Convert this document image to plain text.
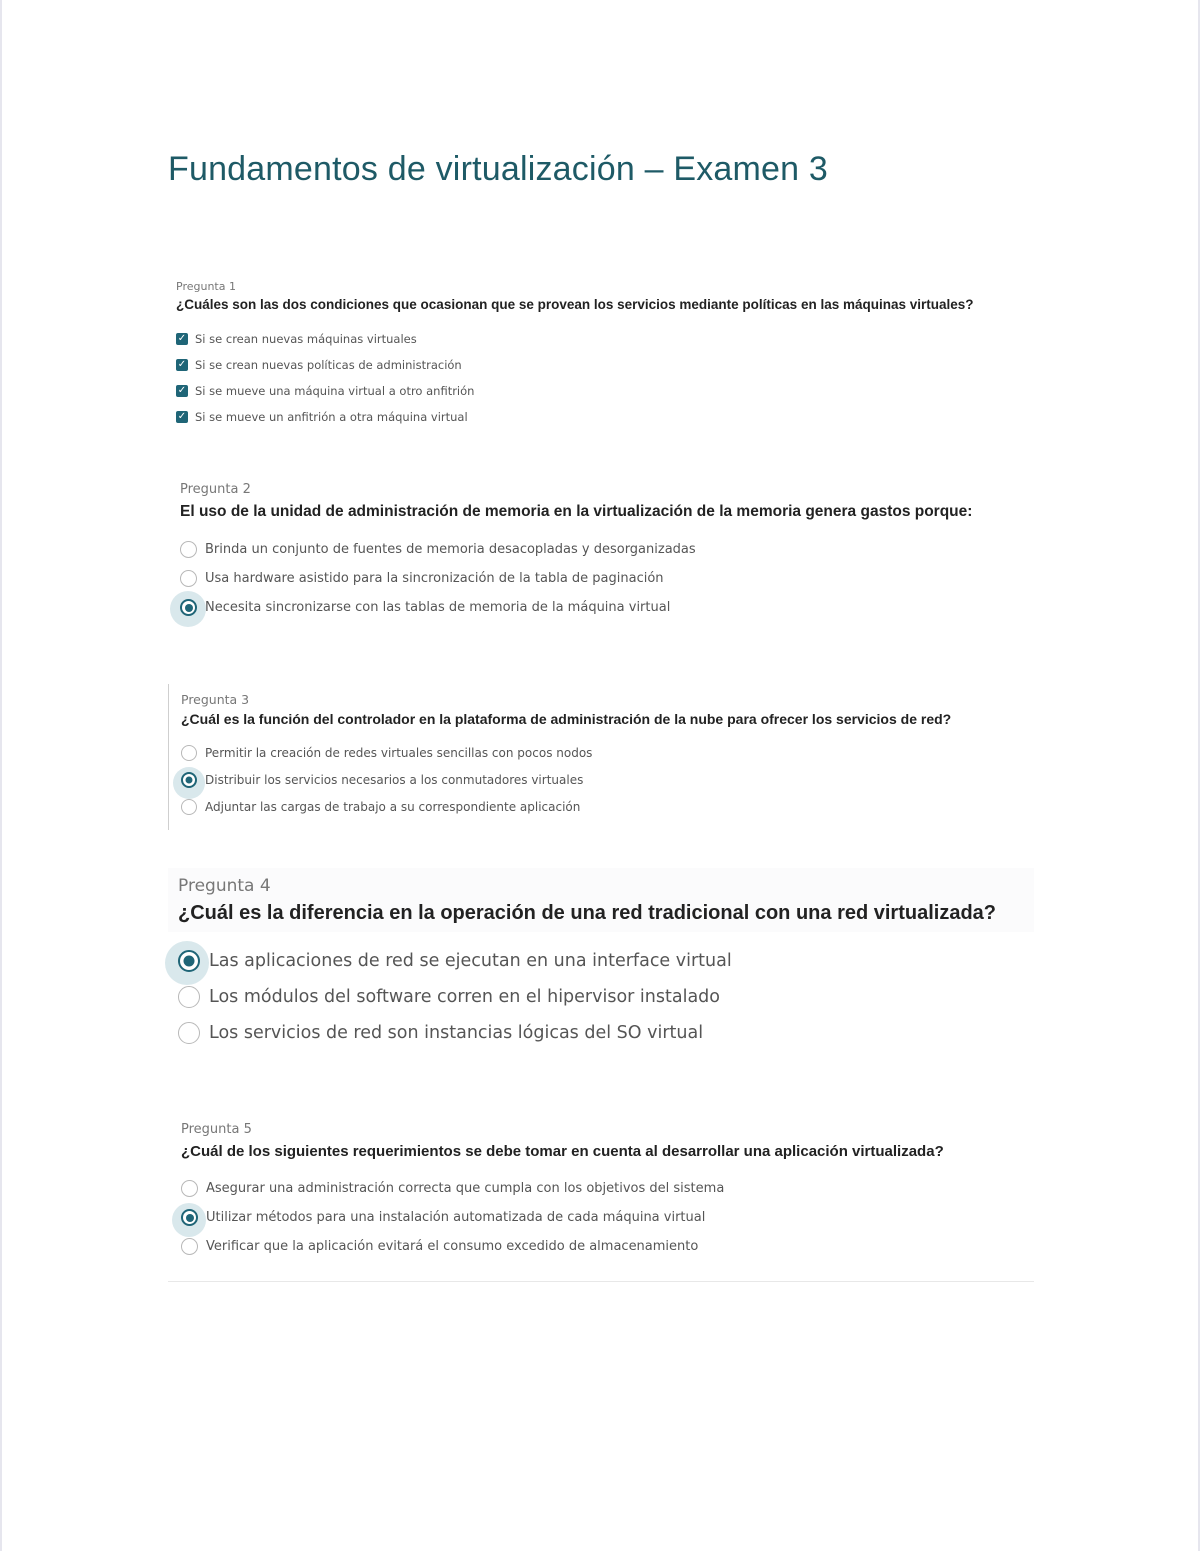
Fundamentos de virtualización – Examen 3
Pregunta 1
¿Cuáles son las dos condiciones que ocasionan que se provean los servicios mediante políticas en las máquinas virtuales?
✓ Si se crean nuevas máquinas virtuales
✓ Si se crean nuevas políticas de administración
✓ Si se mueve una máquina virtual a otro anfitrión
✓ Si se mueve un anfitrión a otra máquina virtual
Pregunta 2
El uso de la unidad de administración de memoria en la virtualización de la memoria genera gastos porque:
Brinda un conjunto de fuentes de memoria desacopladas y desorganizadas
Usa hardware asistido para la sincronización de la tabla de paginación
Necesita sincronizarse con las tablas de memoria de la máquina virtual
Pregunta 3
¿Cuál es la función del controlador en la plataforma de administración de la nube para ofrecer los servicios de red?
Permitir la creación de redes virtuales sencillas con pocos nodos
Distribuir los servicios necesarios a los conmutadores virtuales
Adjuntar las cargas de trabajo a su correspondiente aplicación
Pregunta 4
¿Cuál es la diferencia en la operación de una red tradicional con una red virtualizada?
Las aplicaciones de red se ejecutan en una interface virtual
Los módulos del software corren en el hipervisor instalado
Los servicios de red son instancias lógicas del SO virtual
Pregunta 5
¿Cuál de los siguientes requerimientos se debe tomar en cuenta al desarrollar una aplicación virtualizada?
Asegurar una administración correcta que cumpla con los objetivos del sistema
Utilizar métodos para una instalación automatizada de cada máquina virtual
Verificar que la aplicación evitará el consumo excedido de almacenamiento
